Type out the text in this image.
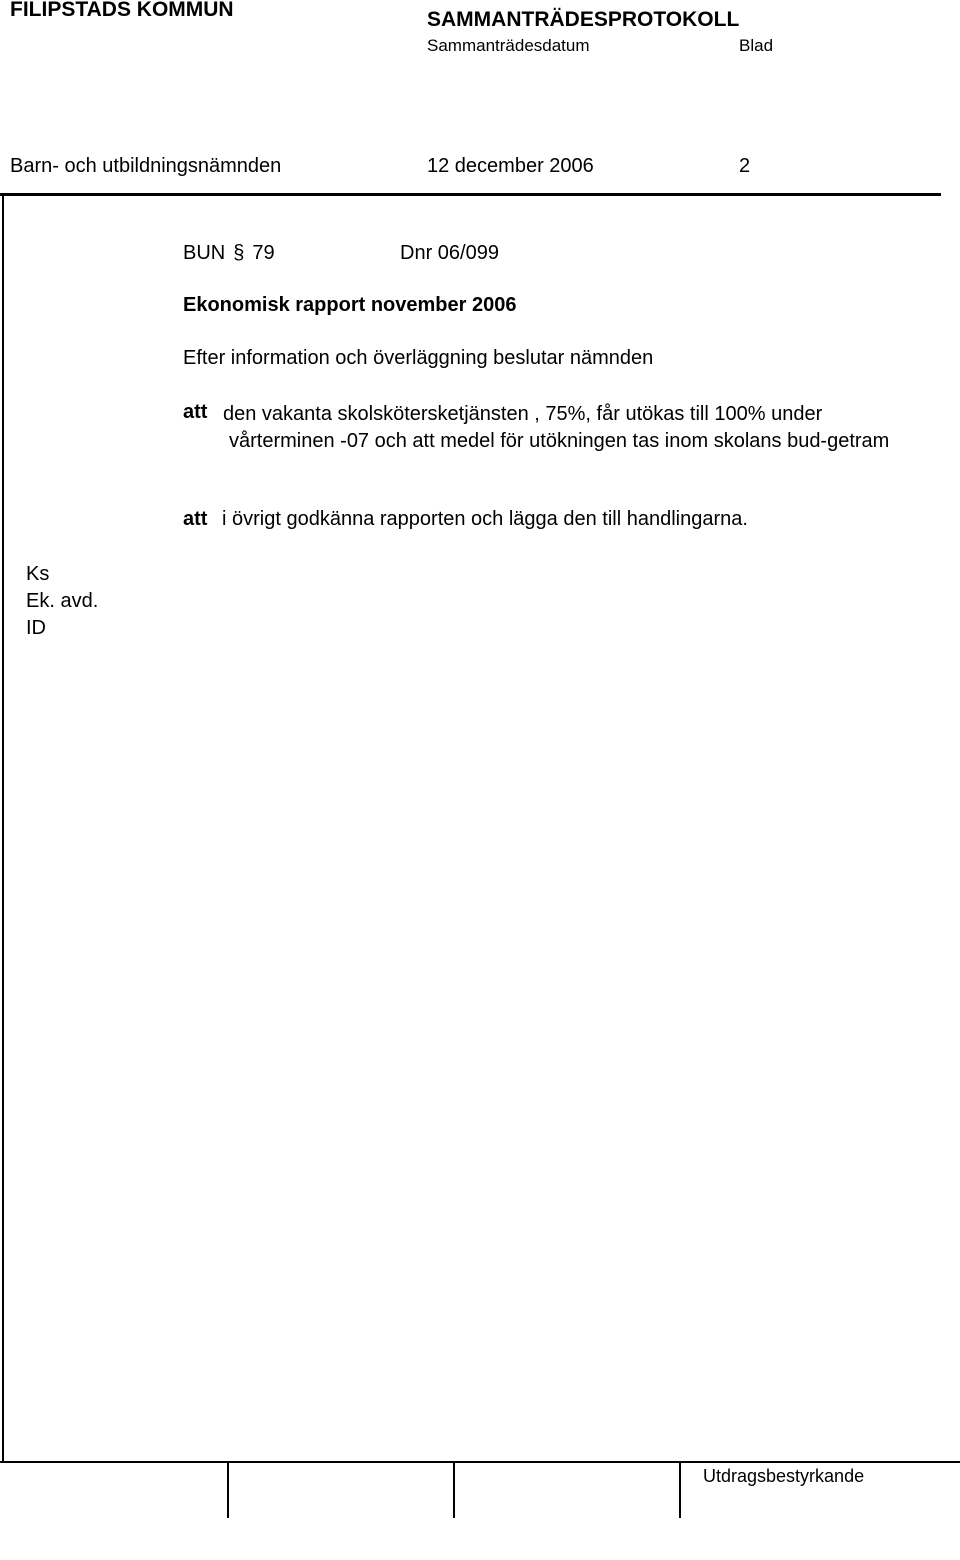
FILIPSTADS KOMMUN	SAMMANTRÄDESPROTOKOLL
Sammanträdesdatum	Blad
Barn- och utbildningsnämnden	12 december 2006	2
BUN § 79	Dnr 06/099
Ekonomisk rapport november 2006
Efter information och överläggning beslutar nämnden
att den vakanta skolskötersketjänsten , 75%, får utökas till 100% under vårterminen -07 och att medel för utökningen tas inom skolans bud-getram
att i övrigt godkänna rapporten och lägga den till handlingarna.
Ks
Ek. avd.
ID
Utdragsbestyrkande
